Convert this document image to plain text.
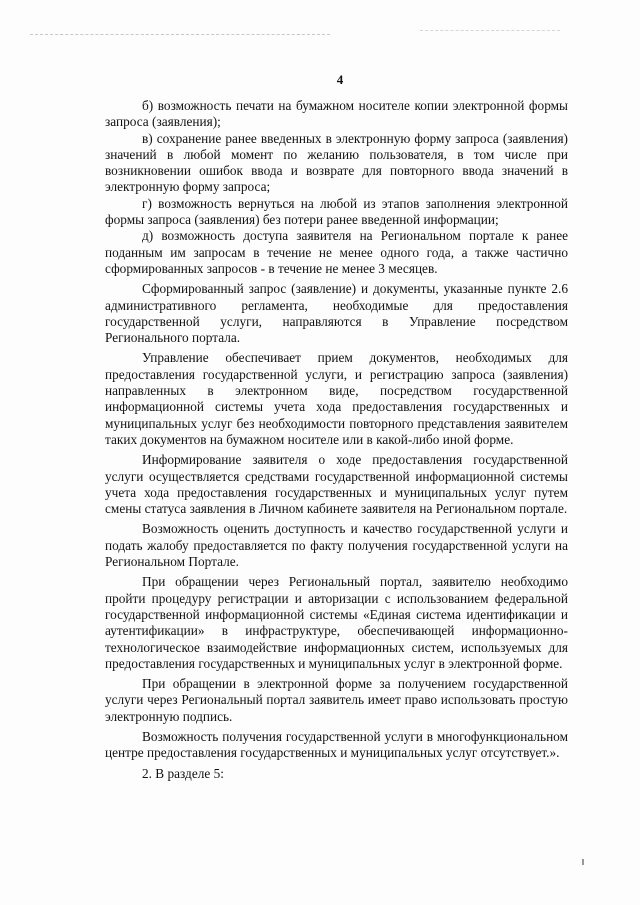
4

б) возможность печати на бумажном носителе копии электронной формы запроса (заявления);

в) сохранение ранее введенных в электронную форму запроса (заявления) значений в любой момент по желанию пользователя, в том числе при возникновении ошибок ввода и возврате для повторного ввода значений в электронную форму запроса;

г) возможность вернуться на любой из этапов заполнения электронной формы запроса (заявления) без потери ранее введенной информации;

д) возможность доступа заявителя на Региональном портале к ранее поданным им запросам в течение не менее одного года, а также частично сформированных запросов - в течение не менее 3 месяцев.

Сформированный запрос (заявление) и документы, указанные пункте 2.6 административного регламента, необходимые для предоставления государственной услуги, направляются в Управление посредством Регионального портала.

Управление обеспечивает прием документов, необходимых для предоставления государственной услуги, и регистрацию запроса (заявления) направленных в электронном виде, посредством государственной информационной системы учета хода предоставления государственных и муниципальных услуг без необходимости повторного представления заявителем таких документов на бумажном носителе или в какой-либо иной форме.

Информирование заявителя о ходе предоставления государственной услуги осуществляется средствами государственной информационной системы учета хода предоставления государственных и муниципальных услуг путем смены статуса заявления в Личном кабинете заявителя на Региональном портале.

Возможность оценить доступность и качество государственной услуги и подать жалобу предоставляется по факту получения государственной услуги на Региональном Портале.

При обращении через Региональный портал, заявителю необходимо пройти процедуру регистрации и авторизации с использованием федеральной государственной информационной системы «Единая система идентификации и аутентификации» в инфраструктуре, обеспечивающей информационно-технологическое взаимодействие информационных систем, используемых для предоставления государственных и муниципальных услуг в электронной форме.

При обращении в электронной форме за получением государственной услуги через Региональный портал заявитель имеет право использовать простую электронную подпись.

Возможность получения государственной услуги в многофункциональном центре предоставления государственных и муниципальных услуг отсутствует.».

2. В разделе 5:
